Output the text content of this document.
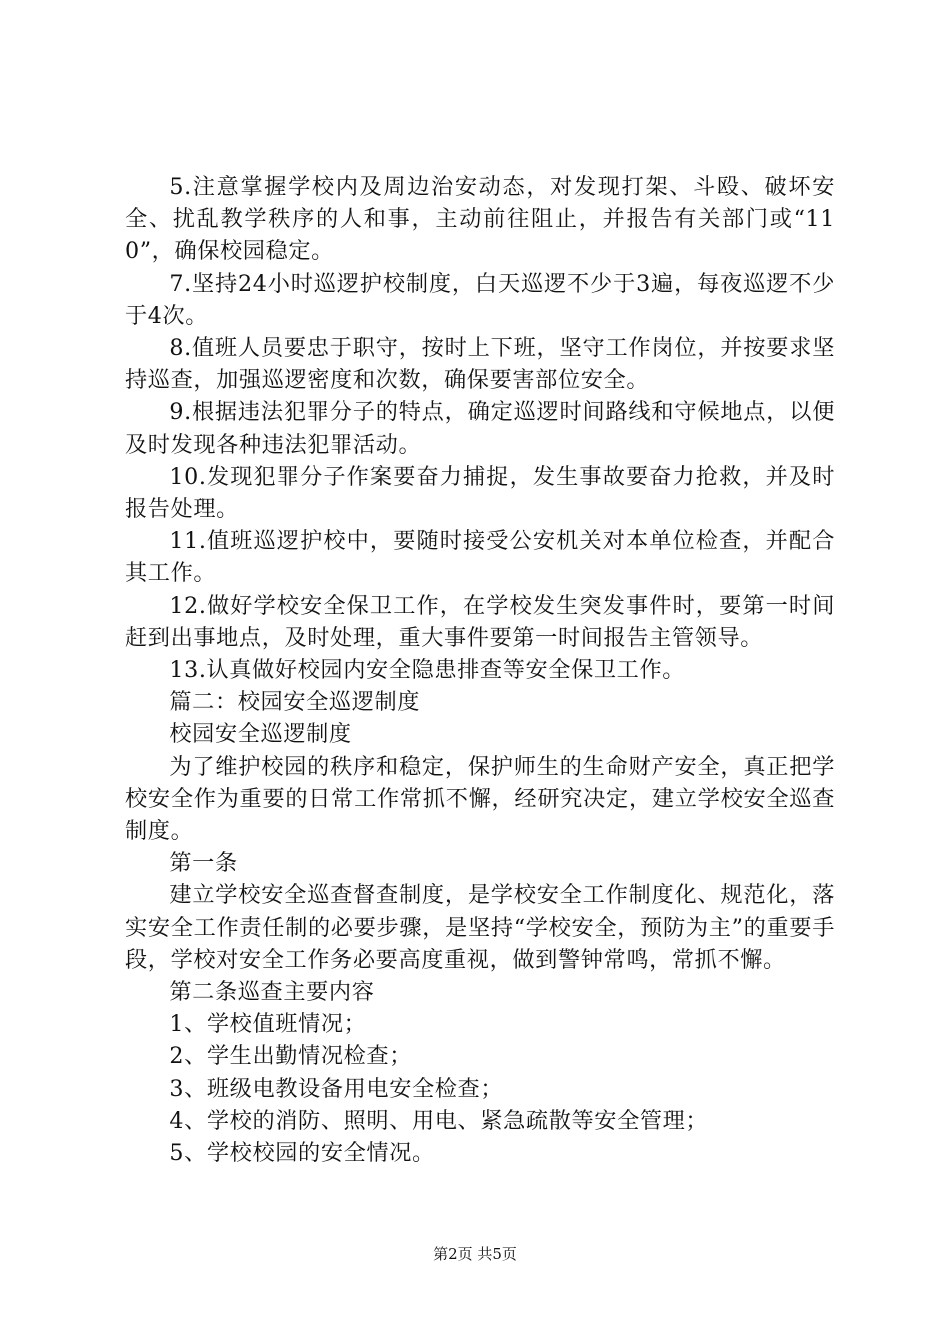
5.注意掌握学校内及周边治安动态，对发现打架、斗殴、破坏安全、扰乱教学秩序的人和事，主动前往阻止，并报告有关部门或“110”，确保校园稳定。

7.坚持24小时巡逻护校制度，白天巡逻不少于3遍，每夜巡逻不少于4次。

8.值班人员要忠于职守，按时上下班，坚守工作岗位，并按要求坚持巡查，加强巡逻密度和次数，确保要害部位安全。

9.根据违法犯罪分子的特点，确定巡逻时间路线和守候地点，以便及时发现各种违法犯罪活动。

10.发现犯罪分子作案要奋力捕捉，发生事故要奋力抢救，并及时报告处理。

11.值班巡逻护校中，要随时接受公安机关对本单位检查，并配合其工作。

12.做好学校安全保卫工作，在学校发生突发事件时，要第一时间赶到出事地点，及时处理，重大事件要第一时间报告主管领导。

13.认真做好校园内安全隐患排查等安全保卫工作。

篇二：校园安全巡逻制度

校园安全巡逻制度

为了维护校园的秩序和稳定，保护师生的生命财产安全，真正把学校安全作为重要的日常工作常抓不懈，经研究决定，建立学校安全巡查制度。

第一条

建立学校安全巡查督查制度，是学校安全工作制度化、规范化，落实安全工作责任制的必要步骤，是坚持“学校安全，预防为主”的重要手段，学校对安全工作务必要高度重视，做到警钟常鸣，常抓不懈。

第二条巡查主要内容

1、学校值班情况；

2、学生出勤情况检查；

3、班级电教设备用电安全检查；

4、学校的消防、照明、用电、紧急疏散等安全管理；

5、学校校园的安全情况。

第2页 共5页
